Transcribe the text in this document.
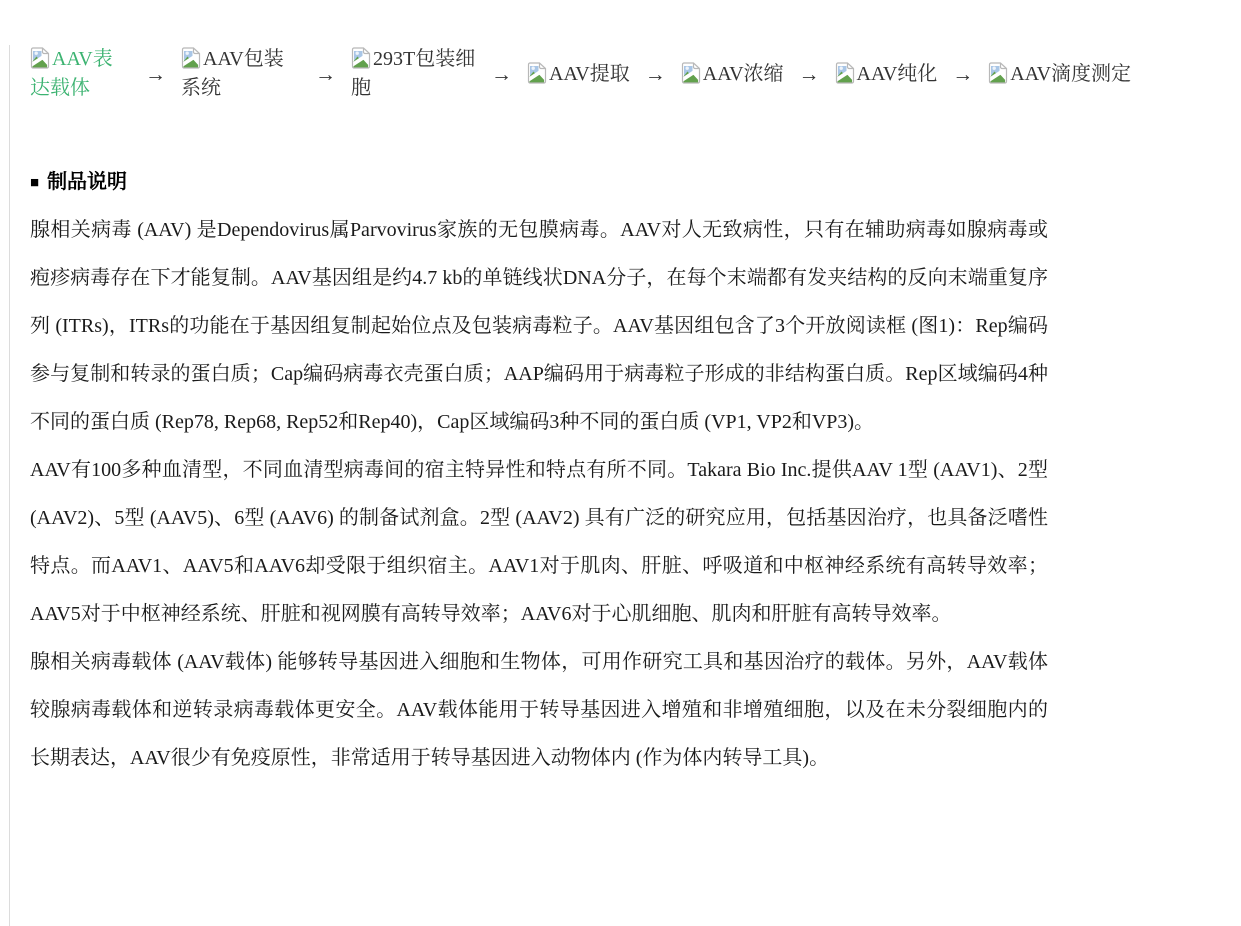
AAV表达载体
→
AAV包装系统
→
293T包装细胞
→	AAV提取 →	AAV浓缩 →	AAV纯化 →	AAV滴度测定
■ 制品说明

腺相关病毒 (AAV) 是Dependovirus属Parvovirus家族的无包膜病毒。AAV对人无致病性，只有在辅助病毒如腺病毒或疱疹病毒存在下才能复制。AAV基因组是约4.7 kb的单链线状DNA分子，在每个末端都有发夹结构的反向末端重复序列 (ITRs)，ITRs的功能在于基因组复制起始位点及包装病毒粒子。AAV基因组包含了3个开放阅读框 (图1)：Rep编码参与复制和转录的蛋白质；Cap编码病毒衣壳蛋白质；AAP编码用于病毒粒子形成的非结构蛋白质。Rep区域编码4种不同的蛋白质 (Rep78, Rep68, Rep52和Rep40)，Cap区域编码3种不同的蛋白质 (VP1, VP2和VP3)。

AAV有100多种血清型，不同血清型病毒间的宿主特异性和特点有所不同。Takara Bio Inc.提供AAV 1型 (AAV1)、2型 (AAV2)、5型 (AAV5)、6型 (AAV6) 的制备试剂盒。2型 (AAV2) 具有广泛的研究应用，包括基因治疗，也具备泛嗜性特点。而AAV1、AAV5和AAV6却受限于组织宿主。AAV1对于肌肉、肝脏、呼吸道和中枢神经系统有高转导效率；AAV5对于中枢神经系统、肝脏和视网膜有高转导效率；AAV6对于心肌细胞、肌肉和肝脏有高转导效率。

腺相关病毒载体 (AAV载体) 能够转导基因进入细胞和生物体，可用作研究工具和基因治疗的载体。另外，AAV载体较腺病毒载体和逆转录病毒载体更安全。AAV载体能用于转导基因进入增殖和非增殖细胞，以及在未分裂细胞内的长期表达，AAV很少有免疫原性，非常适用于转导基因进入动物体内 (作为体内转导工具)。
